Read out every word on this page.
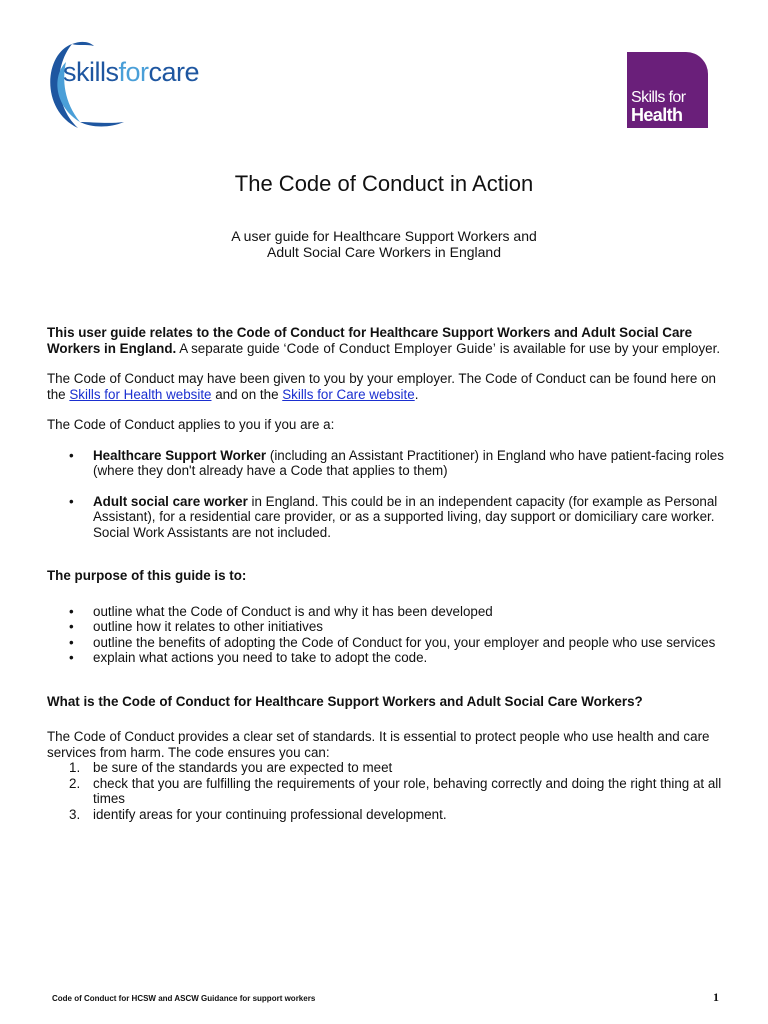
skillsforcare
Skills for
Health
The Code of Conduct in Action
A user guide for Healthcare Support Workers and
Adult Social Care Workers in England

This user guide relates to the Code of Conduct for Healthcare Support Workers and Adult Social Care Workers in England. A separate guide ‘Code of Conduct Employer Guide’ is available for use by your employer.

The Code of Conduct may have been given to you by your employer. The Code of Conduct can be found here on the Skills for Health website and on the Skills for Care website.

The Code of Conduct applies to you if you are a:

• Healthcare Support Worker (including an Assistant Practitioner) in England who have patient-facing roles (where they don't already have a Code that applies to them)
• Adult social care worker in England. This could be in an independent capacity (for example as Personal Assistant), for a residential care provider, or as a supported living, day support or domiciliary care worker. Social Work Assistants are not included.

The purpose of this guide is to:

• outline what the Code of Conduct is and why it has been developed
• outline how it relates to other initiatives
• outline the benefits of adopting the Code of Conduct for you, your employer and people who use services
• explain what actions you need to take to adopt the code.

What is the Code of Conduct for Healthcare Support Workers and Adult Social Care Workers?

The Code of Conduct provides a clear set of standards. It is essential to protect people who use health and care services from harm. The code ensures you can:

1. be sure of the standards you are expected to meet
2. check that you are fulfilling the requirements of your role, behaving correctly and doing the right thing at all times
3. identify areas for your continuing professional development.
Code of Conduct for HCSW and ASCW Guidance for support workers	1
